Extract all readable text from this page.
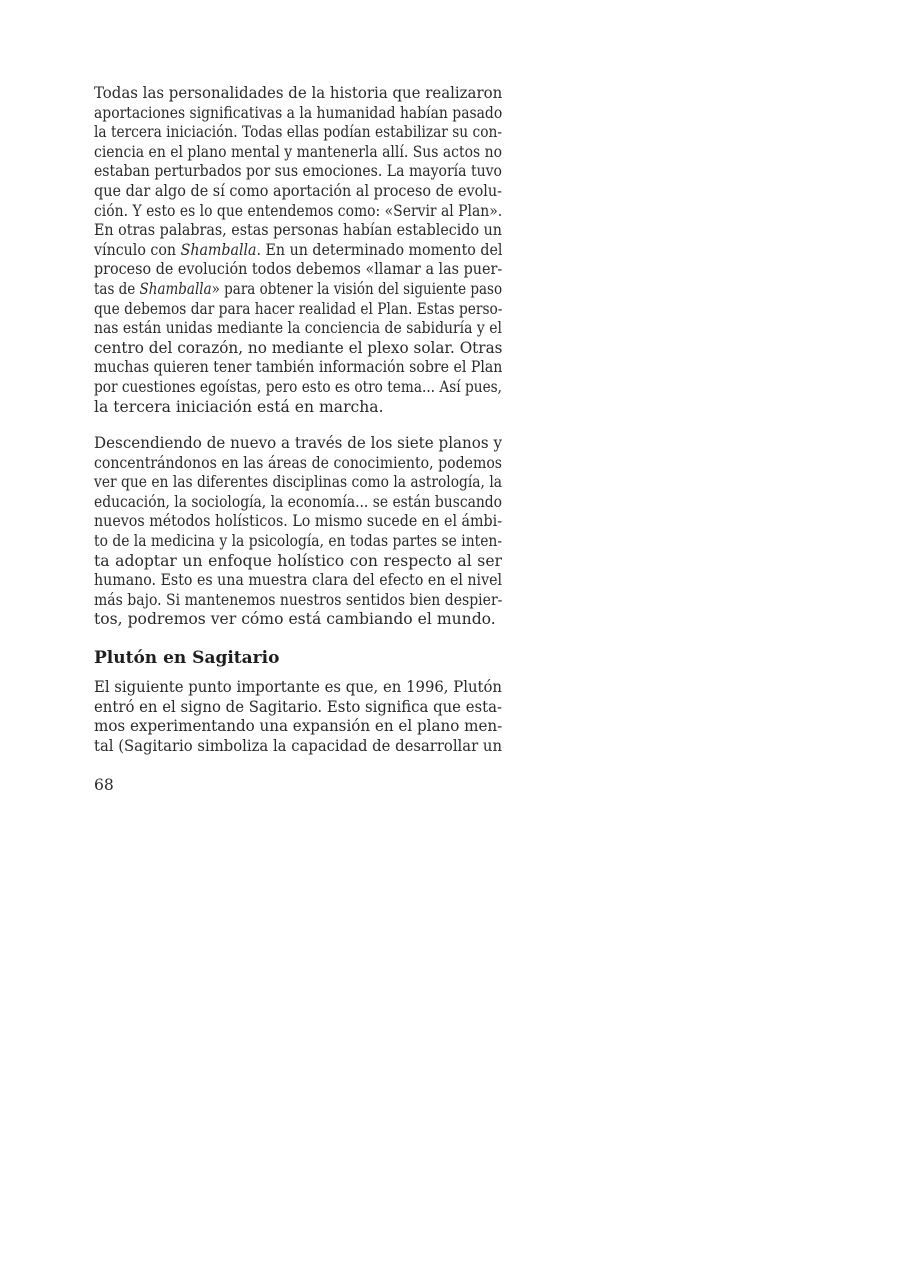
Todas las personalidades de la historia que realizaron
aportaciones significativas a la humanidad habían pasado
la tercera iniciación. Todas ellas podían estabilizar su con-
ciencia en el plano mental y mantenerla allí. Sus actos no
estaban perturbados por sus emociones. La mayoría tuvo
que dar algo de sí como aportación al proceso de evolu-
ción. Y esto es lo que entendemos como: «Servir al Plan».
En otras palabras, estas personas habían establecido un
vínculo con Shamballa. En un determinado momento del
proceso de evolución todos debemos «llamar a las puer-
tas de Shamballa» para obtener la visión del siguiente paso
que debemos dar para hacer realidad el Plan. Estas perso-
nas están unidas mediante la conciencia de sabiduría y el
centro del corazón, no mediante el plexo solar. Otras
muchas quieren tener también información sobre el Plan
por cuestiones egoístas, pero esto es otro tema... Así pues,
la tercera iniciación está en marcha.
Descendiendo de nuevo a través de los siete planos y
concentrándonos en las áreas de conocimiento, podemos
ver que en las diferentes disciplinas como la astrología, la
educación, la sociología, la economía... se están buscando
nuevos métodos holísticos. Lo mismo sucede en el ámbi-
to de la medicina y la psicología, en todas partes se inten-
ta adoptar un enfoque holístico con respecto al ser
humano. Esto es una muestra clara del efecto en el nivel
más bajo. Si mantenemos nuestros sentidos bien despier-
tos, podremos ver cómo está cambiando el mundo.
Plutón en Sagitario
El siguiente punto importante es que, en 1996, Plutón
entró en el signo de Sagitario. Esto significa que esta-
mos experimentando una expansión en el plano men-
tal (Sagitario simboliza la capacidad de desarrollar un
68
